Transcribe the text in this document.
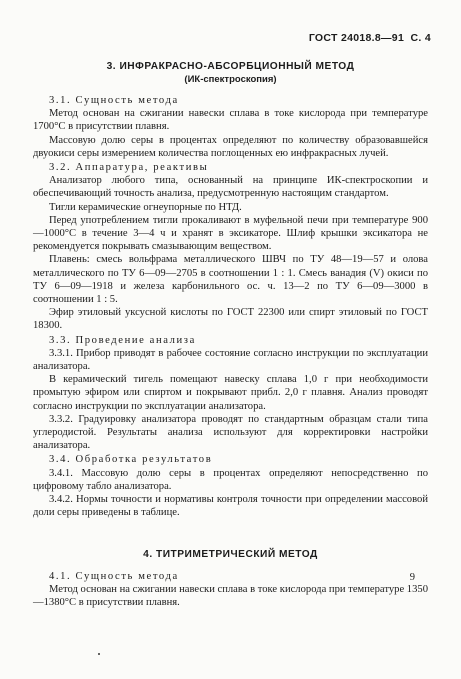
ГОСТ 24018.8—91 С. 4
3. ИНФРАКРАСНО-АБСОРБЦИОННЫЙ МЕТОД
(ИК-спектроскопия)

3.1. Сущность метода

Метод основан на сжигании навески сплава в токе кислорода при температуре 1700°С в присутствии плавня.

Массовую долю серы в процентах определяют по количеству образовавшейся двуокиси серы измерением количества поглощенных ею инфракрасных лучей.

3.2. Аппаратура, реактивы

Анализатор любого типа, основанный на принципе ИК-спектроскопии и обеспечивающий точность анализа, предусмотренную настоящим стандартом.

Тигли керамические огнеупорные по НТД.

Перед употреблением тигли прокаливают в муфельной печи при температуре 900—1000°С в течение 3—4 ч и хранят в эксикаторе. Шлиф крышки эксикатора не рекомендуется покрывать смазывающим веществом.

Плавень: смесь вольфрама металлического ШВЧ по ТУ 48—19—57 и олова металлического по ТУ 6—09—2705 в соотношении 1 : 1. Смесь ванадия (V) окиси по ТУ 6—09—1918 и железа карбонильного ос. ч. 13—2 по ТУ 6—09—3000 в соотношении 1 : 5.

Эфир этиловый уксусной кислоты по ГОСТ 22300 или спирт этиловый по ГОСТ 18300.

3.3. Проведение анализа

3.3.1. Прибор приводят в рабочее состояние согласно инструкции по эксплуатации анализатора.

В керамический тигель помещают навеску сплава 1,0 г при необходимости промытую эфиром или спиртом и покрывают прибл. 2,0 г плавня. Анализ проводят согласно инструкции по эксплуатации анализатора.

3.3.2. Градуировку анализатора проводят по стандартным образцам стали типа углеродистой. Результаты анализа используют для корректировки настройки анализатора.

3.4. Обработка результатов

3.4.1. Массовую долю серы в процентах определяют непосредственно по цифровому табло анализатора.

3.4.2. Нормы точности и нормативы контроля точности при определении массовой доли серы приведены в таблице.

4. ТИТРИМЕТРИЧЕСКИЙ МЕТОД

4.1. Сущность метода

Метод основан на сжигании навески сплава в токе кислорода при температуре 1350—1380°С в присутствии плавня.

9
